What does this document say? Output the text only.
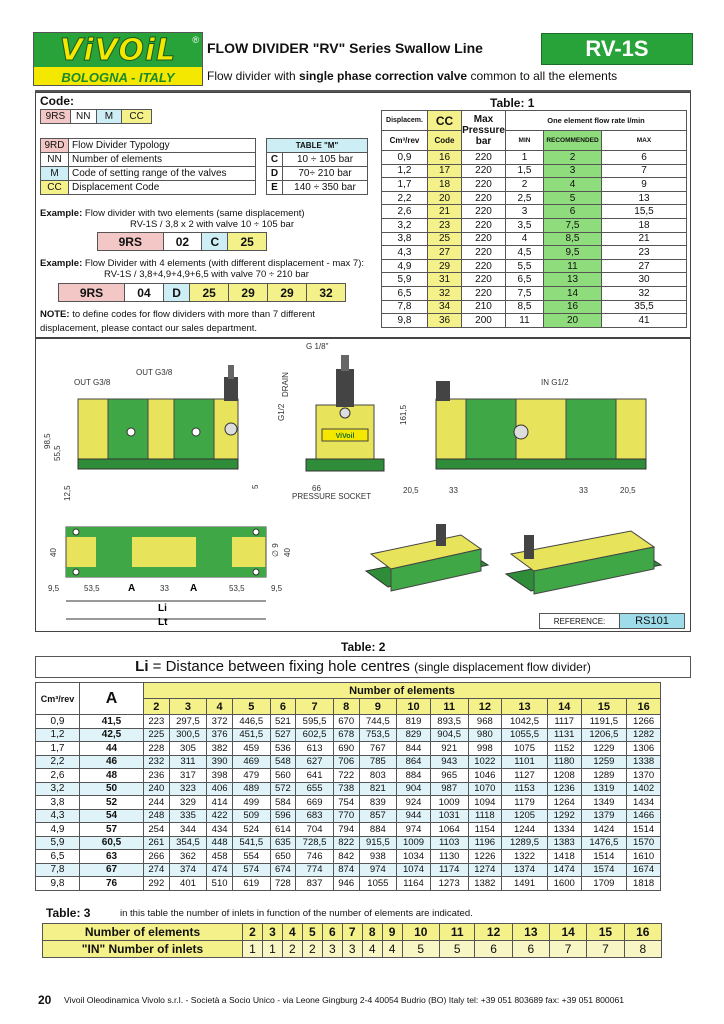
ViVOiL ®
BOLOGNA - ITALY
FLOW DIVIDER "RV" Series Swallow Line
Flow divider with single phase correction valve common to all the elements
RV-1S
Code:
9RS	NN	M	CC
9RD	Flow Divider Typology
NN	Number of elements
M	Code of setting range of the valves
CC	Displacement Code
TABLE "M"	
C	10 ÷ 105 bar
D	70÷ 210 bar
E	140 ÷ 350 bar
Example: Flow divider with two elements (same displacement)
RV-1S / 3,8 x 2 with valve 10 ÷ 105 bar
9RS	02	C	25
Example: Flow Divider with 4 elements (with different displacement - max 7):
RV-1S / 3,8+4,9+4,9+6,5 with valve 70 ÷ 210 bar
9RS	04	D	25	29	29	32
NOTE: to define codes for flow dividers with more than 7 different
displacement, please contact our sales department.
Table: 1
Displacem.	CC	Max Pressure bar	One element flow rate l/min		
Cm³/rev	Code		MIN	RECOMMENDED	MAX
0,9	16	220	1	2	6
1,2	17	220	1,5	3	7
1,7	18	220	2	4	9
2,2	20	220	2,5	5	13
2,6	21	220	3	6	15,5
3,2	23	220	3,5	7,5	18
3,8	25	220	4	8,5	21
4,3	27	220	4,5	9,5	23
4,9	29	220	5,5	11	27
5,9	31	220	6,5	13	30
6,5	32	220	7,5	14	32
7,8	34	210	8,5	16	35,5
9,8	36	200	11	20	41
ViVoil
G 1/8"
OUT G3/8
OUT G3/8	DRAIN	IN G1/2
G1/2
98,5
55,5
12,5	5
161,5
66
PRESSURE SOCKET
20,5	33	33	20,5
40	∅ 9 40
9,5	53,5	A	33 A	53,5	9,5
Li
Lt	REFERENCE:	RS101
Table: 2
Li = Distance between fixing hole centres (single displacement flow divider)
Cm³/rev	A	Number of elements														
		2	3	4	5	6	7	8	9	10	11	12	13	14	15	16
0,9	41,5	223	297,5	372	446,5	521	595,5	670	744,5	819	893,5	968	1042,5	1117	1191,5	1266
1,2	42,5	225	300,5	376	451,5	527	602,5	678	753,5	829	904,5	980	1055,5	1131	1206,5	1282
1,7	44	228	305	382	459	536	613	690	767	844	921	998	1075	1152	1229	1306
2,2	46	232	311	390	469	548	627	706	785	864	943	1022	1101	1180	1259	1338
2,6	48	236	317	398	479	560	641	722	803	884	965	1046	1127	1208	1289	1370
3,2	50	240	323	406	489	572	655	738	821	904	987	1070	1153	1236	1319	1402
3,8	52	244	329	414	499	584	669	754	839	924	1009	1094	1179	1264	1349	1434
4,3	54	248	335	422	509	596	683	770	857	944	1031	1118	1205	1292	1379	1466
4,9	57	254	344	434	524	614	704	794	884	974	1064	1154	1244	1334	1424	1514
5,9	60,5	261	354,5	448	541,5	635	728,5	822	915,5	1009	1103	1196	1289,5	1383	1476,5	1570
6,5	63	266	362	458	554	650	746	842	938	1034	1130	1226	1322	1418	1514	1610
7,8	67	274	374	474	574	674	774	874	974	1074	1174	1274	1374	1474	1574	1674
9,8	76	292	401	510	619	728	837	946	1055	1164	1273	1382	1491	1600	1709	1818
Table: 3	in this table the number of inlets in function of the number of elements are indicated.
Number of elements	2	3	4	5	6	7	8	9	10	11	12	13	14	15	16
"IN" Number of inlets	1	1	2	2	3	3	4	4	5	5	6	6	7	7	8
20 Vivoil Oleodinamica Vivolo s.r.l. - Società a Socio Unico - via Leone Gingburg 2-4 40054 Budrio (BO) Italy tel: +39 051 803689 fax: +39 051 800061
